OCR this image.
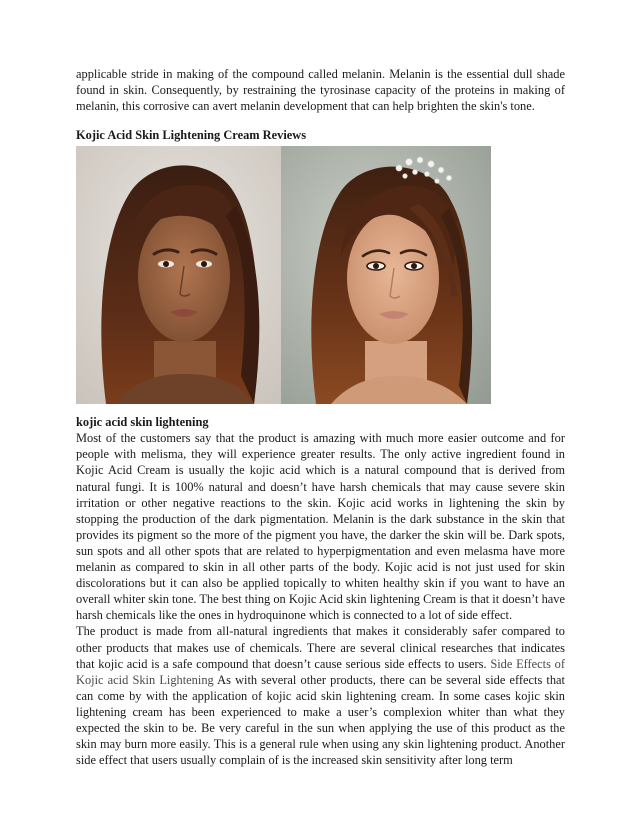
applicable stride in making of the compound called melanin. Melanin is the essential dull shade found in skin. Consequently, by restraining the tyrosinase capacity of the proteins in making of melanin, this corrosive can avert melanin development that can help brighten the skin's tone.

Kojic Acid Skin Lightening Cream Reviews
kojic acid skin lightening

Most of the customers say that the product is amazing with much more easier outcome and for people with melisma, they will experience greater results. The only active ingredient found in Kojic Acid Cream is usually the kojic acid which is a natural compound that is derived from natural fungi. It is 100% natural and doesn’t have harsh chemicals that may cause severe skin irritation or other negative reactions to the skin. Kojic acid works in lightening the skin by stopping the production of the dark pigmentation. Melanin is the dark substance in the skin that provides its pigment so the more of the pigment you have, the darker the skin will be. Dark spots, sun spots and all other spots that are related to hyperpigmentation and even melasma have more melanin as compared to skin in all other parts of the body. Kojic acid is not just used for skin discolorations but it can also be applied topically to whiten healthy skin if you want to have an overall whiter skin tone. The best thing on Kojic Acid skin lightening Cream is that it doesn’t have harsh chemicals like the ones in hydroquinone which is connected to a lot of side effect.

The product is made from all-natural ingredients that makes it considerably safer compared to other products that makes use of chemicals. There are several clinical researches that indicates that kojic acid is a safe compound that doesn’t cause serious side effects to users. Side Effects of Kojic acid Skin Lightening As with several other products, there can be several side effects that can come by with the application of kojic acid skin lightening cream. In some cases kojic skin lightening cream has been experienced to make a user’s complexion whiter than what they expected the skin to be. Be very careful in the sun when applying the use of this product as the skin may burn more easily. This is a general rule when using any skin lightening product. Another side effect that users usually complain of is the increased skin sensitivity after long term
